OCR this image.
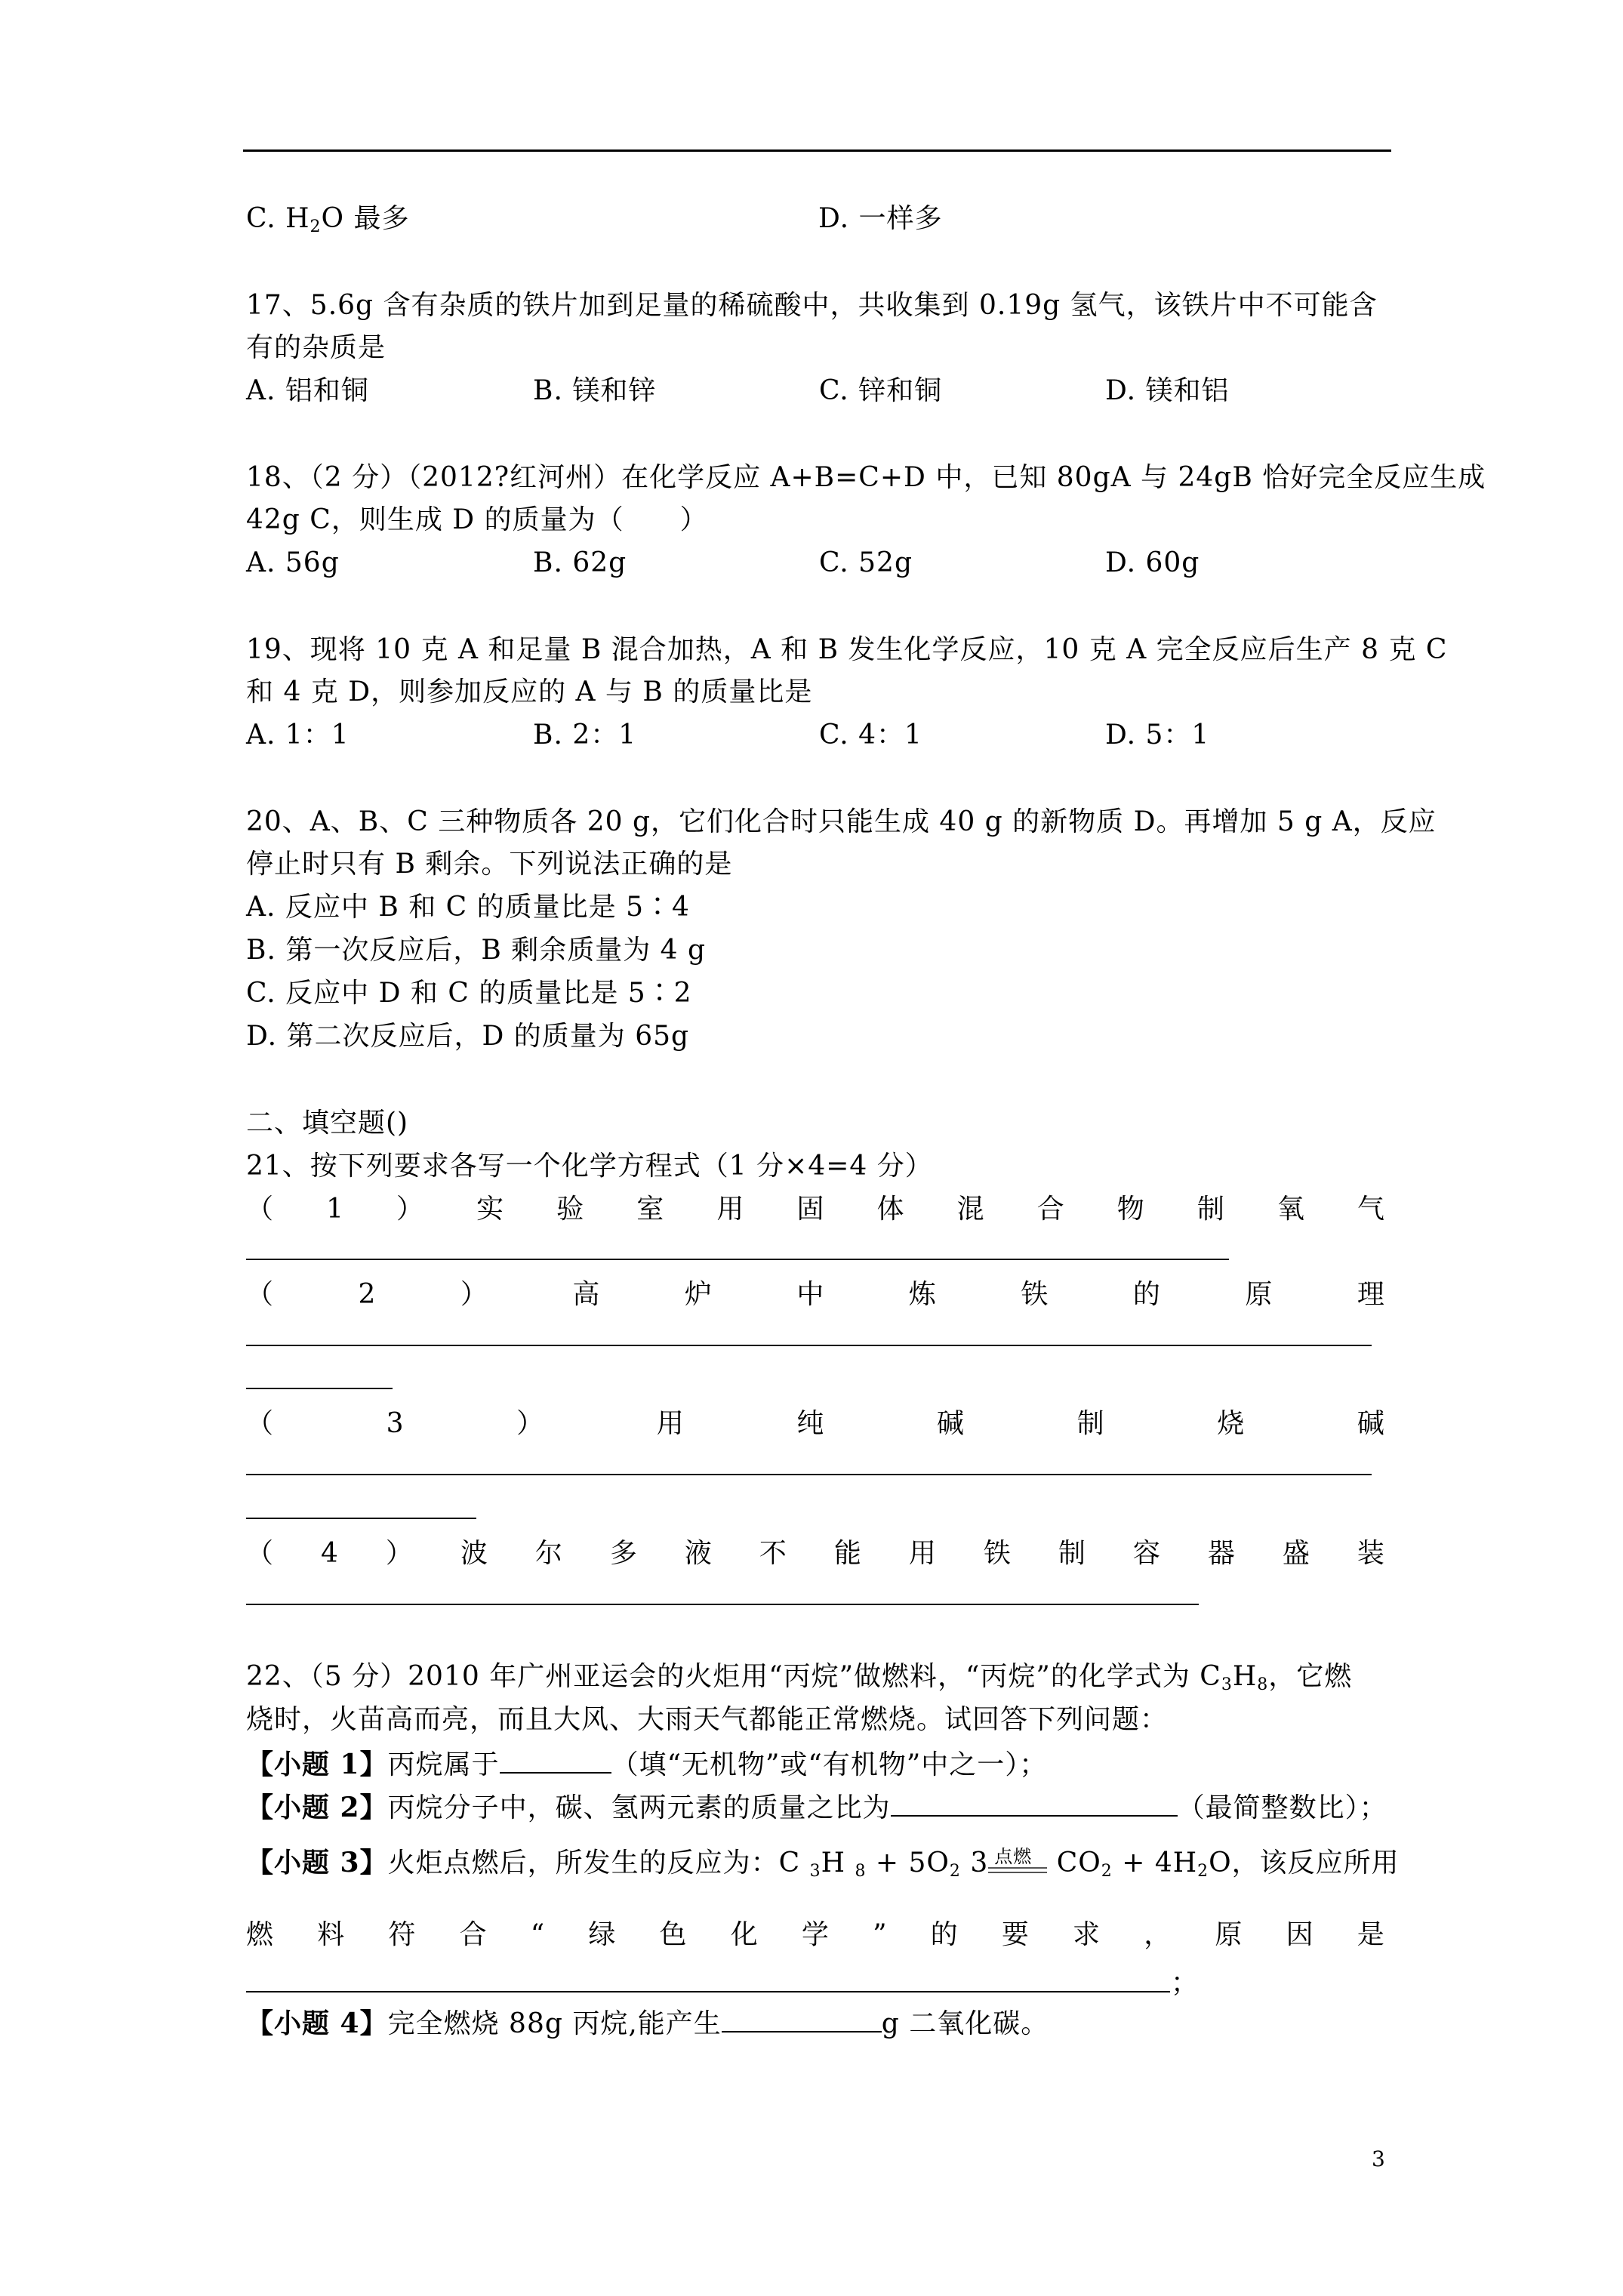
C. $H_2O$ 最多	D. 一样多
17、5.6g 含有杂质的铁片加到足量的稀硫酸中，共收集到 0.19g 氢气，该铁片中不可能含
有的杂质是
A. 铝和铜	B. 镁和锌	C. 锌和铜	D. 镁和铝
18、（2 分）（2012?红河州）在化学反应 A+B=C+D 中，已知 80gA 与 24gB 恰好完全反应生成
42g C，则生成 D 的质量为（　　）
A. 56g	B. 62g	C. 52g	D. 60g
19、现将 10 克 A 和足量 B 混合加热，A 和 B 发生化学反应，10 克 A 完全反应后生产 8 克 C
和 4 克 D，则参加反应的 A 与 B 的质量比是
A. 1：1	B. 2：1	C. 4：1	D. 5：1
20、A、B、C 三种物质各 20 g，它们化合时只能生成 40 g 的新物质 D。再增加 5 g A，反应
停止时只有 B 剩余。下列说法正确的是
A. 反应中 B 和 C 的质量比是 5∶4
B. 第一次反应后，B 剩余质量为 4 g
C. 反应中 D 和 C 的质量比是 5∶2
D. 第二次反应后，D 的质量为 65g
二、填空题()
21、按下列要求各写一个化学方程式（1 分×4=4 分）
（ 1 ） 实 验 室 用 固 体 混 合 物 制 氧 气
（	2	）	高	炉	中	炼	铁	的	原	理
（	3	）	用	纯	碱	制	烧	碱
（ 4 ） 波 尔 多 液 不 能 用 铁 制 容 器 盛 装
22、（5 分）2010 年广州亚运会的火炬用“丙烷”做燃料，“丙烷”的化学式为 $C_3H_8$，它燃
烧时，火苗高而亮，而且大风、大雨天气都能正常燃烧。试回答下列问题：
【小题 1】丙烷属于	（填“无机物”或“有机物”中之一）；
【小题 2】丙烷分子中，碳、氢两元素的质量之比为	（最简整数比）；
【小题 3】火炬点燃后，所发生的反应为：C $_3$H $_8 + 5O_2$ 3 点燃 $CO_2 + 4H_2O$，该反应所用
燃 料 符 合 “ 绿 色 化 学 ” 的 要 求 ， 原 因 是
；
【小题 4】完全燃烧 88g 丙烷,能产生	g 二氧化碳。
3
